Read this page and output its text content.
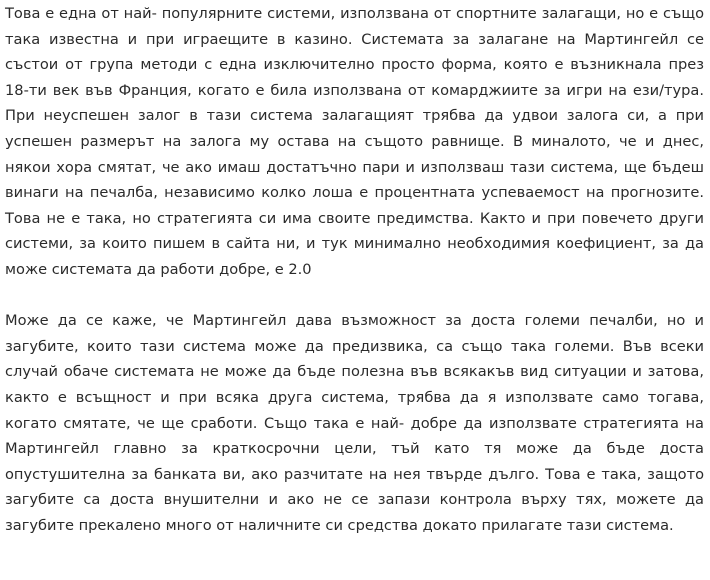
Това е една от най- популярните системи, използвана от спортните залагащи, но е също така известна и при играещите в казино. Системата за залагане на Мартингейл се състои от група методи с една изключително просто форма, която е възникнала през 18-ти век във Франция, когато е била използвана от комарджиите за игри на ези/тура. При неуспешен залог в тази система залагащият трябва да удвои залога си, а при успешен размерът на залога му остава на същото равнище. В миналото, че и днес, някои хора смятат, че ако имаш достатъчно пари и използваш тази система, ще бъдеш винаги на печалба, независимо колко лоша е процентната успеваемост на прогнозите. Това не е така, но стратегията си има своите предимства. Както и при повечето други системи, за които пишем в сайта ни, и тук минимално необходимия коефициент, за да може системата да работи добре, е 2.0

Може да се каже, че Мартингейл дава възможност за доста големи печалби, но и загубите, които тази система може да предизвика, са също така големи. Във всеки случай обаче системата не може да бъде полезна във всякакъв вид ситуации и затова, както е всъщност и при всяка друга система, трябва да я използвате само тогава, когато смятате, че ще сработи. Също така е най- добре да използвате стратегията на Мартингейл главно за краткосрочни цели, тъй като тя може да бъде доста опустушителна за банката ви, ако разчитате на нея твърде дълго. Това е така, защото загубите са доста внушителни и ако не се запази контрола върху тях, можете да загубите прекалено много от наличните си средства докато прилагате тази система.
